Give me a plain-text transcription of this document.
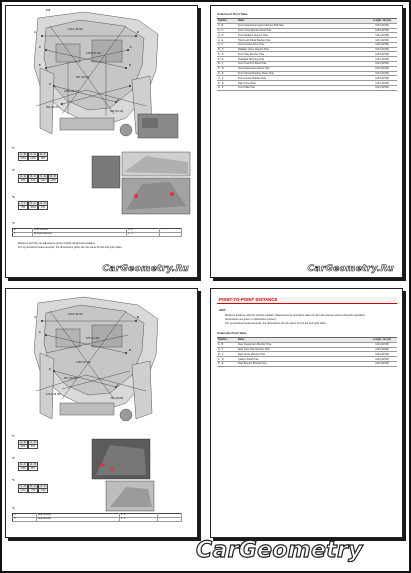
110
A	B
C
D
E
F
G
H
1000 (39.37)
1234 (48.58)
1456 (57.32)
987 (38.86)
652 (25.67)
843 (33.19)
*1
A - B	C - D	E - F
1234	1456	987
*2
A - E	B - F	C - G	D - H
652	843	1120	1305
*3
I - J	K - L	G - H
759	1002	875
*4
E	Front Bumper	1 - 2	...
F	Bracket Assembly	3 - 4	...
Measure with the car adjusted to gross vehicle weight and unladen.
For symmetrical measurements, the dimensions given are the same for left and right sides.
CarGeometry.Ru
Underhood Point Table
Symbol	Name	Length, mm (in)
A - B	Front Suspension Upper Member Bolt Hole	1234 (48.58)
A - C	Front Cross Member Rear Hole	1234 (48.58)
A - D	Front Radiator Support Hole	1234 (48.58)
A - E	Hood Lock Panel Bracket Hole	1234 (48.58)
A - F	Front Fender Apron Hole	1234 (48.58)
B - C	Radiator Upper Support Hole	1234 (48.58)
B - D	Front Side Member Hole	1234 (48.58)
B - E	Headlight Mounting Hole	1234 (48.58)
B - F	Front Cowl Top Panel Hole	1234 (48.58)
C - D	Front Suspension Mount Hole	1234 (48.58)
C - E	Front Shock Absorber Tower Hole	1234 (48.58)
C - F	Front Fender Bracket Hole	1234 (48.58)
D - E	Dash Panel Hole	1234 (48.58)
D - F	Front Pillar Hole	1234 (48.58)
CarGeometry.Ru
A	B
C
D
E
F
1002 (39.45)
875 (34.45)
1456 (57.32)
987 (38.86)
1234 (48.58)
759 (29.88)
*1
A - B	C - D
1002	875
*2
E - F	G - H
1456	987
*3
A - H	B - G	C - F
1234	759	1120
*4
G	Rear Bumper	1 - 2	...
H	Rear Bracket	3 - 4	...
POINT-TO-POINT DISTANCE
HINT:
Measure distance with the vehicle unladen. Measurements should be taken at the hole centres unless otherwise specified.
Dimensions are given in millimetres (inches).
For symmetrical measurements, the dimensions are the same for the left and right sides.
Underside Point Table
Symbol	Name	Length, mm (in)
A - B	Rear Suspension Member Hole	1234 (48.58)
A - C	Rear Floor Side Member Hole	1234 (48.58)
B - C	Rear Cross Member Hole	1234 (48.58)
C - D	Quarter Panel Hole	1234 (48.58)
D - E	Rear Bumper Bracket Hole	1234 (48.58)
CarGeometry
